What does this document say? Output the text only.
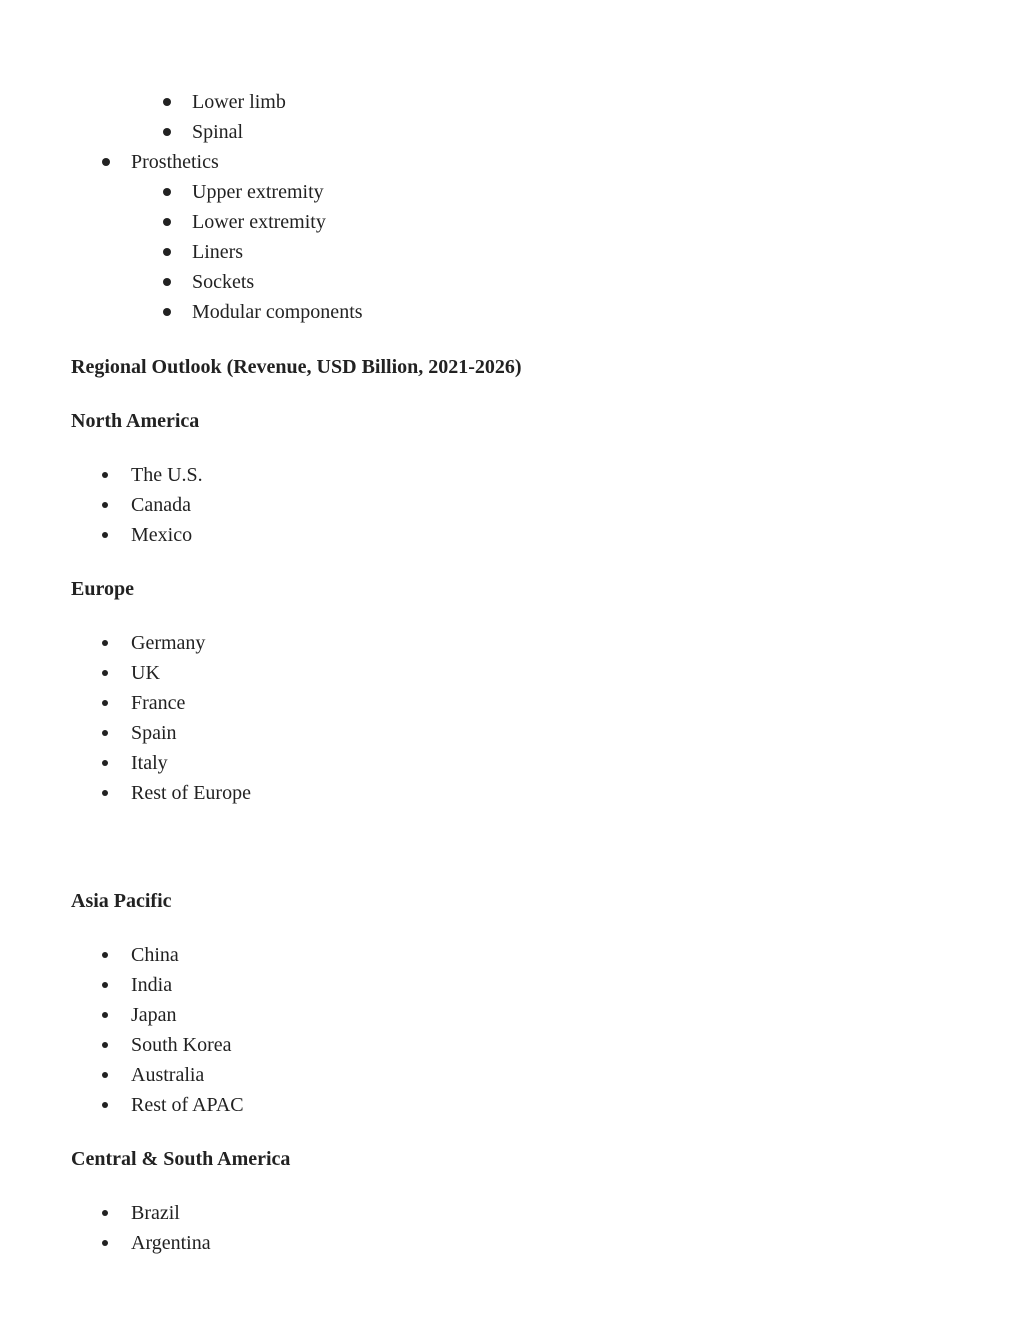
Lower limb
Spinal
Prosthetics
Upper extremity
Lower extremity
Liners
Sockets
Modular components
Regional Outlook (Revenue, USD Billion, 2021-2026)
North America
The U.S.
Canada
Mexico
Europe
Germany
UK
France
Spain
Italy
Rest of Europe
Asia Pacific
China
India
Japan
South Korea
Australia
Rest of APAC
Central & South America
Brazil
Argentina
